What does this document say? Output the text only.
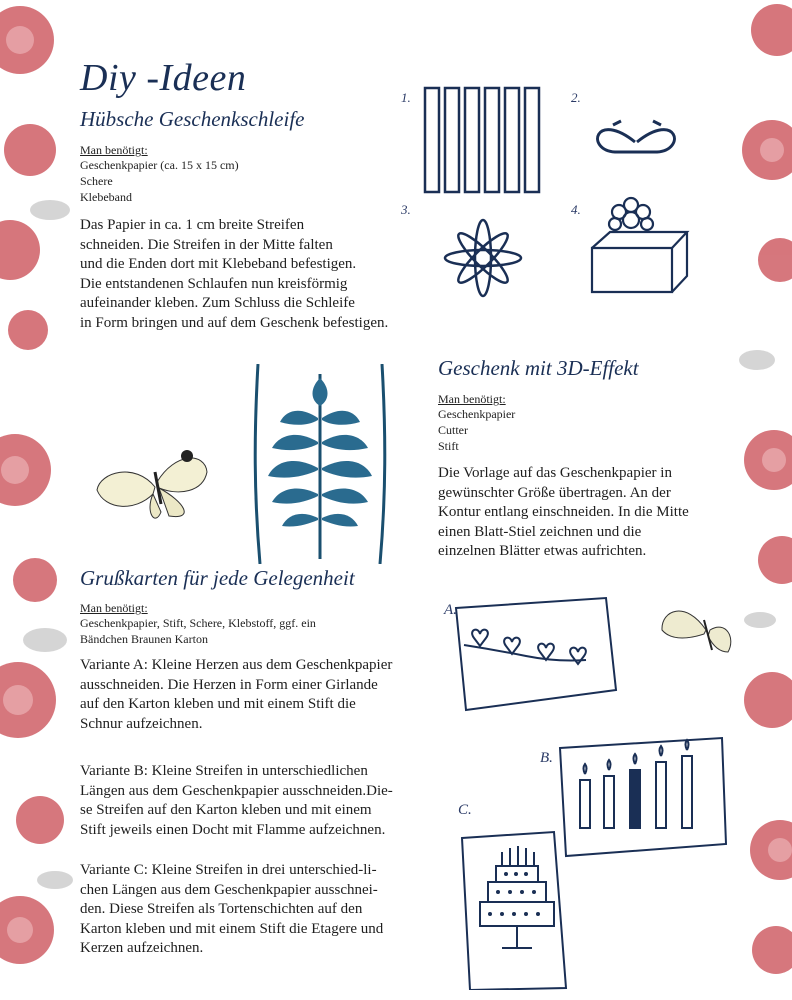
Diy -Ideen
Hübsche Geschenkschleife
Man benötigt:
Geschenkpapier (ca. 15 x 15 cm)
Schere
Klebeband
Das Papier in ca. 1 cm breite Streifen
schneiden. Die Streifen in der Mitte falten
und die Enden dort mit Klebeband befestigen.
Die entstandenen Schlaufen nun kreisförmig
aufeinander kleben. Zum Schluss die Schleife
in Form bringen und auf dem Geschenk befestigen.
1.	2.
3.	4.
Geschenk mit 3D-Effekt
Man benötigt:
Geschenkpapier
Cutter
Stift
Die Vorlage auf das Geschenkpapier in
gewünschter Größe übertragen. An der
Kontur entlang einschneiden. In die Mitte
einen Blatt-Stiel zeichnen und die
einzelnen Blätter etwas aufrichten.
Grußkarten für jede Gelegenheit
Man benötigt:
Geschenkpapier, Stift, Schere, Klebstoff, ggf. ein
Bändchen Braunen Karton
Variante A: Kleine Herzen aus dem Geschenkpapier
ausschneiden. Die Herzen in Form einer Girlande
auf den Karton kleben und mit einem Stift die
Schnur aufzeichnen.
Variante B: Kleine Streifen in unterschiedlichen
Längen aus dem Geschenkpapier ausschneiden.Die-
se Streifen auf den Karton kleben und mit einem
Stift jeweils einen Docht mit Flamme aufzeichnen.
Variante C: Kleine Streifen in drei unterschied-li-
chen Längen aus dem Geschenkpapier ausschnei-
den. Diese Streifen als Tortenschichten auf den
Karton kleben und mit einem Stift die Etagere und
Kerzen aufzeichnen.
A.
B.
C.
